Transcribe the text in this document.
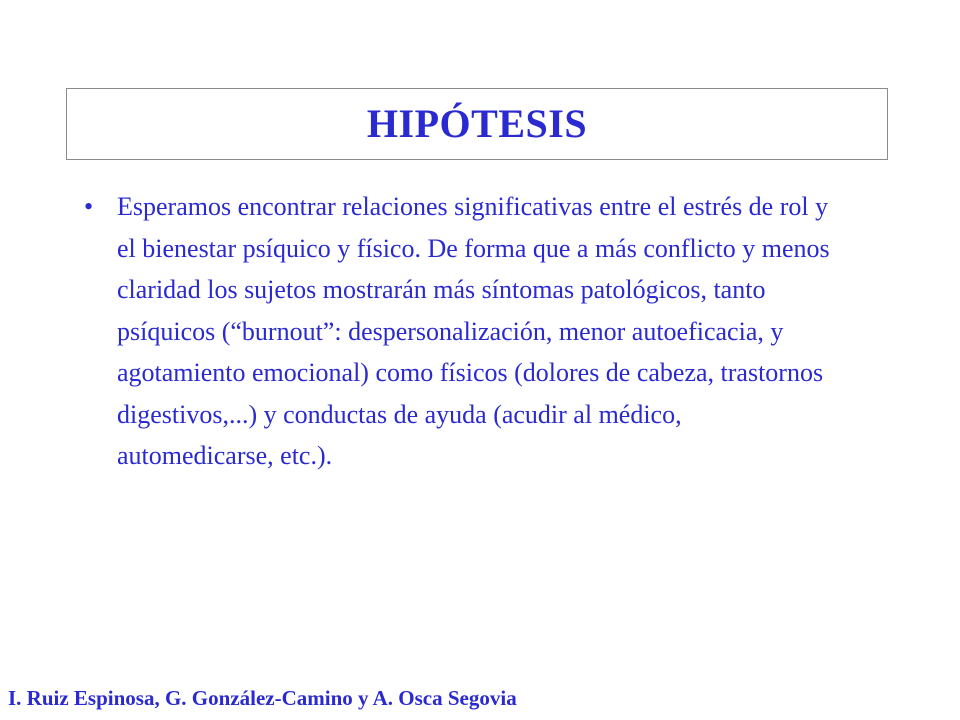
HIPÓTESIS
• Esperamos encontrar relaciones significativas entre el estrés de rol y el bienestar psíquico y físico. De forma que a más conflicto y menos claridad los sujetos mostrarán más síntomas patológicos, tanto psíquicos (“burnout”: despersonalización, menor autoeficacia, y agotamiento emocional) como físicos (dolores de cabeza, trastornos digestivos,...) y conductas de ayuda (acudir al médico, automedicarse, etc.).

I. Ruiz Espinosa, G. González-Camino y A. Osca Segovia
